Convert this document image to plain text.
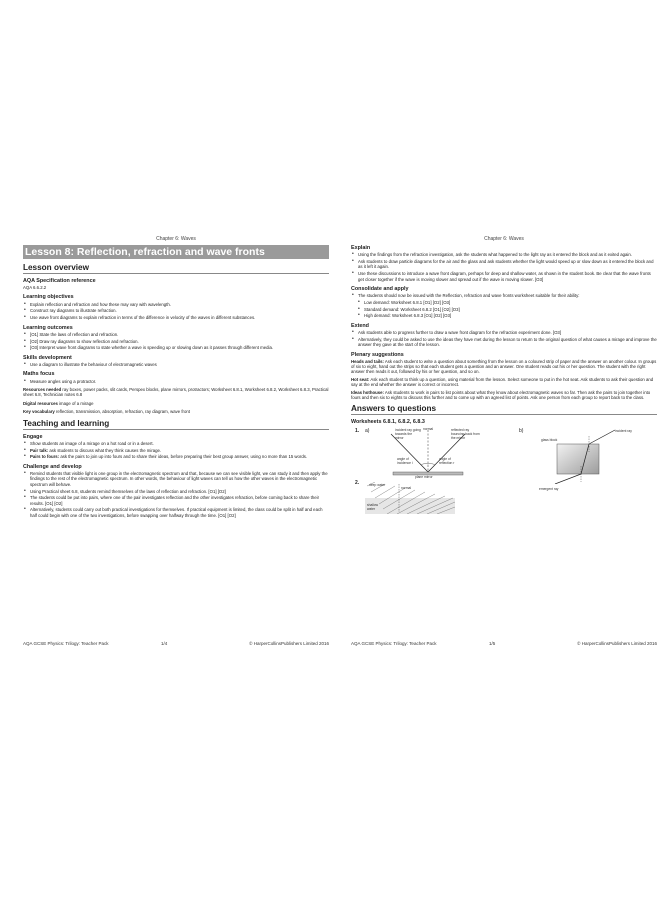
Chapter 6: Waves
Lesson 8: Reflection, refraction and wave fronts
Lesson overview
AQA Specification reference
AQA 6.6.2.2
Learning objectives
• Explain reflection and refraction and how these may vary with wavelength.
• Construct ray diagrams to illustrate refraction.
• Use wave front diagrams to explain refraction in terms of the difference in velocity of the waves in different substances.
Learning outcomes
• [O1] State the laws of reflection and refraction.
• [O2] Draw ray diagrams to show reflection and refraction.
• [O3] Interpret wave front diagrams to state whether a wave is speeding up or slowing down as it passes through different media.
Skills development
• Use a diagram to illustrate the behaviour of electromagnetic waves
Maths focus
• Measure angles using a protractor.
Resources needed ray boxes, power packs, slit cards, Perspex blocks, plane mirrors, protractors; Worksheet 6.8.1, Worksheet 6.8.2, Worksheet 6.8.3, Practical sheet 6.8, Technician notes 6.8
Digital resources image of a mirage
Key vocabulary reflection, transmission, absorption, refraction, ray diagram, wave front
Teaching and learning
Engage
• Show students an image of a mirage on a hot road or in a desert.
• Pair talk: ask students to discuss what they think causes the mirage.
• Pairs to fours: ask the pairs to join up into fours and to share their ideas, before preparing their best group answer, using no more than 15 words.
Challenge and develop
• Remind students that visible light is one group in the electromagnetic spectrum and that, because we can see visible light, we can study it and then apply the findings to the rest of the electromagnetic spectrum. In other words, the behaviour of light waves can tell us how the other waves in the electromagnetic spectrum will behave.
• Using Practical sheet 6.8, students remind themselves of the laws of reflection and refraction. [O1] [O2]
• The students could be put into pairs, where one of the pair investigates reflection and the other investigates refraction, before coming back to share their results. [O1] [O2]
• Alternatively, students could carry out both practical investigations for themselves. If practical equipment is limited, the class could be split in half and each half could begin with one of the two investigations, before swapping over halfway through the time. [O1] [O2]
AQA GCSE Physics: Trilogy: Teacher Pack	1/4	© HarperCollinsPublishers Limited 2016
Chapter 6: Waves
Explain
• Using the findings from the refraction investigation, ask the students what happened to the light ray as it entered the block and as it exited again.
• Ask students to draw particle diagrams for the air and the glass and ask students whether the light would speed up or slow down as it entered the block and as it left it again.
• Use these discussions to introduce a wave front diagram, perhaps for deep and shallow water, as shown in the student book. Be clear that the wave fronts get closer together if the wave is moving slower and spread out if the wave is moving slower. [O3]
Consolidate and apply
• The students should now be issued with the Reflection, refraction and wave fronts worksheet suitable for their ability:
• Low demand: Worksheet 6.8.1 [O1] [O2] [O3]
• Standard demand: Worksheet 6.8.2 [O1] [O2] [O3]
• High demand: Worksheet 6.8.3 [O1] [O2] [O3]
Extend
• Ask students able to progress further to draw a wave front diagram for the refraction experiment done. [O3]
• Alternatively, they could be asked to use the ideas they have met during the lesson to return to the original question of what causes a mirage and improve the answer they gave at the start of the lesson.
Plenary suggestions
Heads and tails: Ask each student to write a question about something from the lesson on a coloured strip of paper and the answer on another colour. In groups of six to eight, hand out the strips so that each student gets a question and an answer. One student reads out his or her question. The student with the right answer then reads it out, followed by his or her question, and so on.
Hot seat: Ask each student to think up a question, using material from the lesson. Select someone to put in the hot seat. Ask students to ask their question and say at the end whether the answer is correct or incorrect.
Ideas hothouse: Ask students to work in pairs to list points about what they know about electromagnetic waves so far. Then ask the pairs to join together into fours and then six to eights to discuss this further and to come up with an agreed list of points. Ask one person from each group to report back to the class.
Answers to questions
Worksheets 6.8.1, 6.8.2, 6.8.3
1. a)	b)
2.
incident ray going towards the mirror
normal	reflected ray bouncing back from the mirror
angle of incidence i
angle of reflection r
plane mirror
incident ray
glass block
emergent ray
deep water
normal
shallow water
AQA GCSE Physics: Trilogy: Teacher Pack	1/5	© HarperCollinsPublishers Limited 2016
